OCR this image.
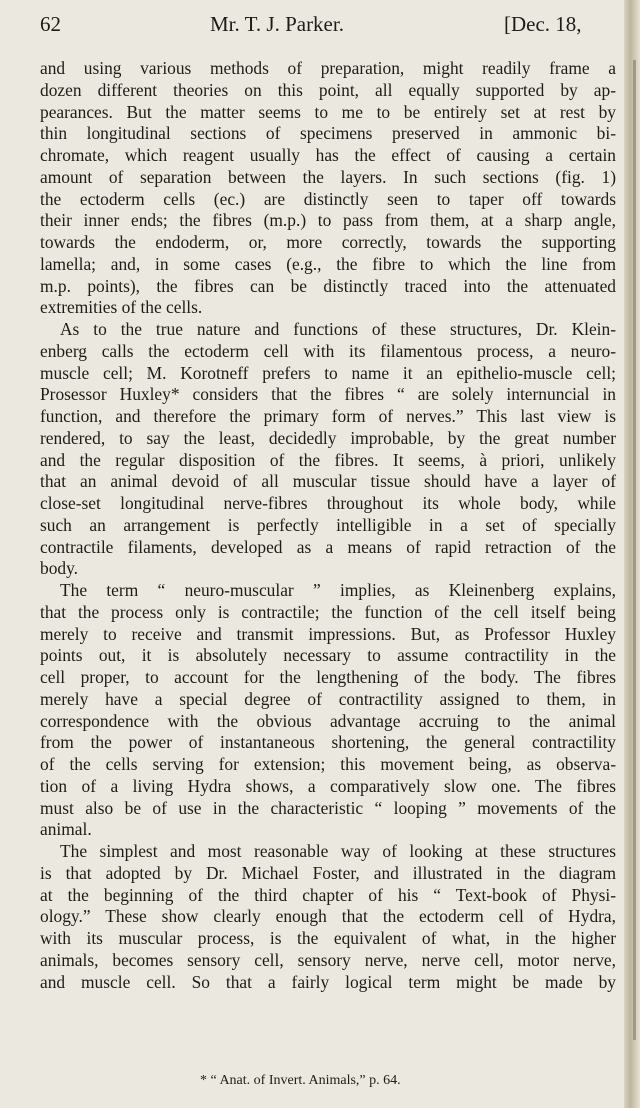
62	Mr. T. J. Parker.	[Dec. 18,
and using various methods of preparation, might readily frame a
dozen different theories on this point, all equally supported by ap-
pearances. But the matter seems to me to be entirely set at rest by
thin longitudinal sections of specimens preserved in ammonic bi-
chromate, which reagent usually has the effect of causing a certain
amount of separation between the layers. In such sections (fig. 1)
the ectoderm cells (ec.) are distinctly seen to taper off towards
their inner ends; the fibres (m.p.) to pass from them, at a sharp angle,
towards the endoderm, or, more correctly, towards the supporting
lamella; and, in some cases (e.g., the fibre to which the line from
m.p. points), the fibres can be distinctly traced into the attenuated
extremities of the cells.
As to the true nature and functions of these structures, Dr. Klein-
enberg calls the ectoderm cell with its filamentous process, a neuro-
muscle cell; M. Korotneff prefers to name it an epithelio-muscle cell;
Prosessor Huxley* considers that the fibres “ are solely internuncial in
function, and therefore the primary form of nerves.” This last view is
rendered, to say the least, decidedly improbable, by the great number
and the regular disposition of the fibres. It seems, à priori, unlikely
that an animal devoid of all muscular tissue should have a layer of
close-set longitudinal nerve-fibres throughout its whole body, while
such an arrangement is perfectly intelligible in a set of specially
contractile filaments, developed as a means of rapid retraction of the
body.
The term “ neuro-muscular ” implies, as Kleinenberg explains,
that the process only is contractile; the function of the cell itself being
merely to receive and transmit impressions. But, as Professor Huxley
points out, it is absolutely necessary to assume contractility in the
cell proper, to account for the lengthening of the body. The fibres
merely have a special degree of contractility assigned to them, in
correspondence with the obvious advantage accruing to the animal
from the power of instantaneous shortening, the general contractility
of the cells serving for extension; this movement being, as observa-
tion of a living Hydra shows, a comparatively slow one. The fibres
must also be of use in the characteristic “ looping ” movements of the
animal.
The simplest and most reasonable way of looking at these structures
is that adopted by Dr. Michael Foster, and illustrated in the diagram
at the beginning of the third chapter of his “ Text-book of Physi-
ology.” These show clearly enough that the ectoderm cell of Hydra,
with its muscular process, is the equivalent of what, in the higher
animals, becomes sensory cell, sensory nerve, nerve cell, motor nerve,
and muscle cell. So that a fairly logical term might be made by
* “ Anat. of Invert. Animals,” p. 64.
